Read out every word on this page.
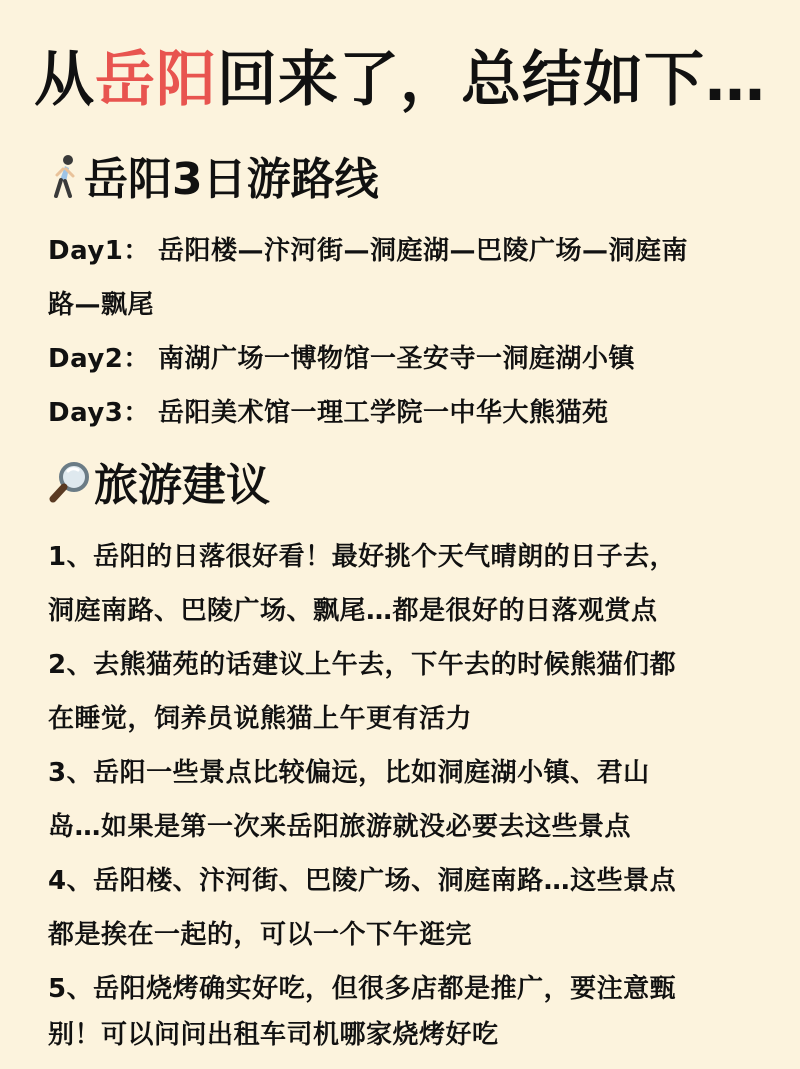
从岳阳回来了，总结如下…
岳阳3日游路线
Day1： 岳阳楼—汴河街—洞庭湖—巴陵广场—洞庭南
路—飘尾
Day2： 南湖广场一博物馆一圣安寺一洞庭湖小镇
Day3： 岳阳美术馆一理工学院一中华大熊猫苑
旅游建议
1、岳阳的日落很好看！最好挑个天气晴朗的日子去，
洞庭南路、巴陵广场、飘尾…都是很好的日落观赏点
2、去熊猫苑的话建议上午去，下午去的时候熊猫们都
在睡觉，饲养员说熊猫上午更有活力
3、岳阳一些景点比较偏远，比如洞庭湖小镇、君山
岛…如果是第一次来岳阳旅游就没必要去这些景点
4、岳阳楼、汴河街、巴陵广场、洞庭南路…这些景点
都是挨在一起的，可以一个下午逛完
5、岳阳烧烤确实好吃，但很多店都是推广，要注意甄
别！可以问问出租车司机哪家烧烤好吃
